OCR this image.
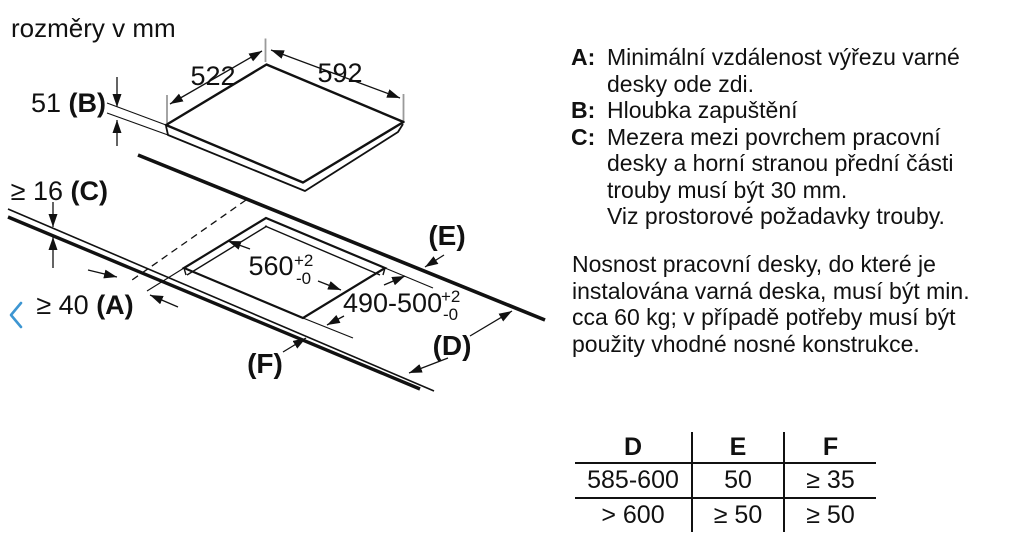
rozměry v mm
522	592
51 (B)
≥ 16 (C)
≥ 40 (A)
560 +2
-0
490-500
+2
-0
(E)
(D)
(F)
A: Minimální vzdálenost výřezu varné desky ode zdi.
B: Hloubka zapuštění
C: Mezera mezi povrchem pracovní desky a horní stranou přední části trouby musí být 30 mm.
Viz prostorové požadavky trouby.
Nosnost pracovní desky, do které je instalována varná deska, musí být min. cca 60 kg; v případě potřeby musí být použity vhodné nosné konstrukce.
D	E	F
585-600	50	≥ 35
> 600	≥ 50	≥ 50
